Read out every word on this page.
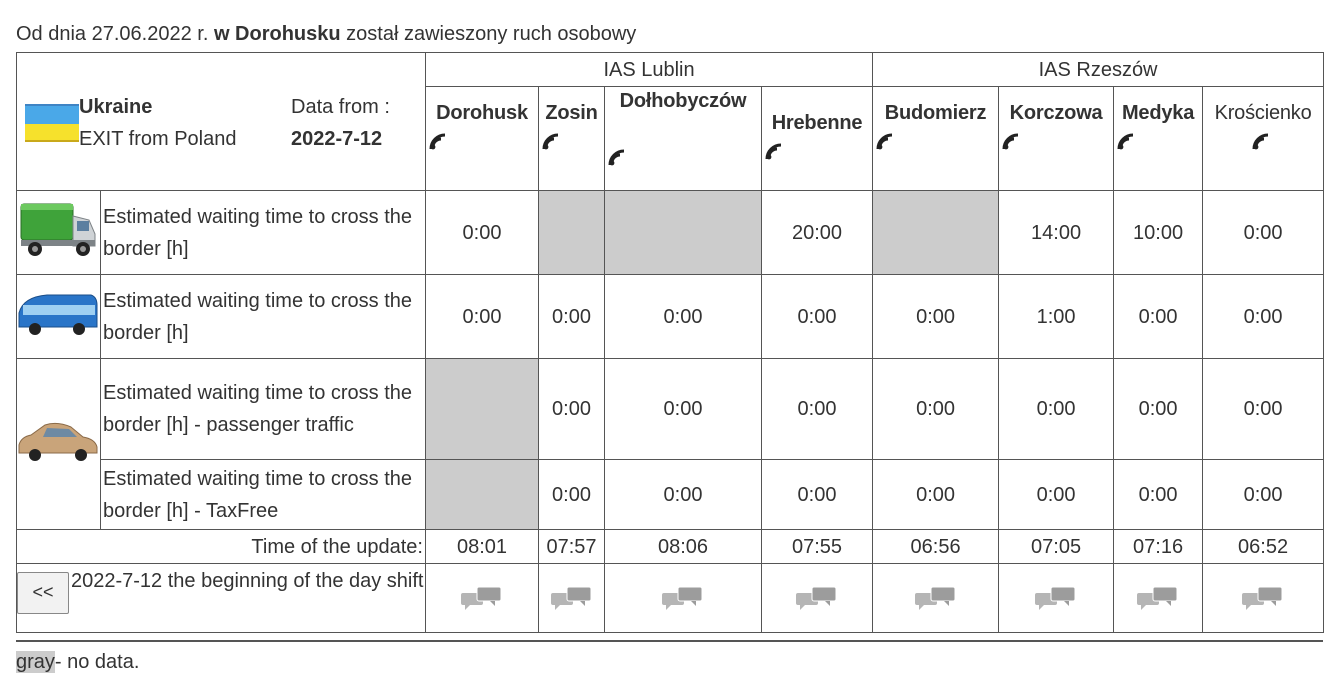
Od dnia 27.06.2022 r. w Dorohusku został zawieszony ruch osobowy
Ukraine
EXIT from Poland
Data from :
2022-7-12		IAS Lublin				IAS Rzeszów			

		Dorohusk	Zosin	Dołhobyczów	Hrebenne	Budomierz	Korczowa	Medyka	Krościenko

	Estimated waiting time to cross the border [h]	0:00			20:00		14:00	10:00	0:00
	Estimated waiting time to cross the border [h]	0:00	0:00	0:00	0:00	0:00	1:00	0:00	0:00
	Estimated waiting time to cross the border [h] - passenger traffic		0:00	0:00	0:00	0:00	0:00	0:00	0:00
	Estimated waiting time to cross the border [h] - TaxFree		0:00	0:00	0:00	0:00	0:00	0:00	0:00
Time of the update:		08:01	07:57	08:06	07:55	06:56	07:05	07:16	06:52

<< 2022-7-12 the beginning of the day shift

gray- no data.
